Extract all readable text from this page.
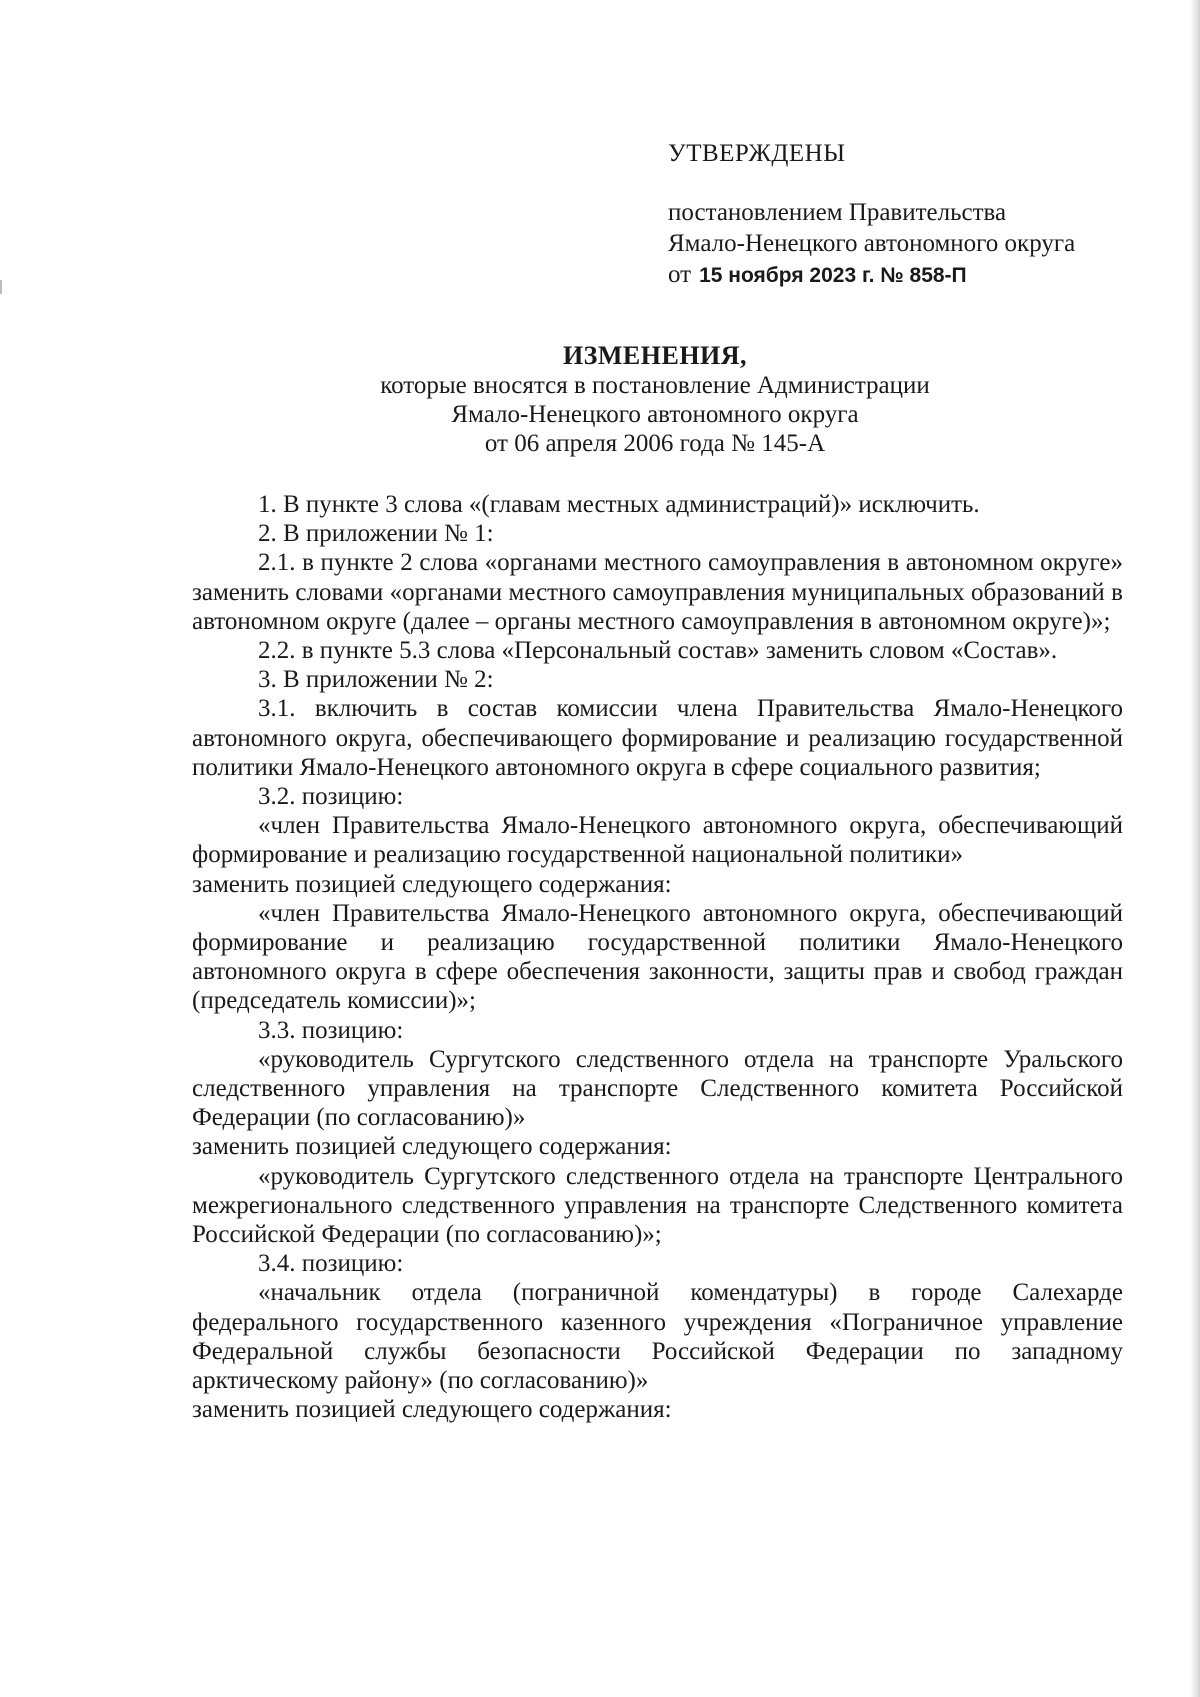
УТВЕРЖДЕНЫ
постановлением Правительства
Ямало-Ненецкого автономного округа
от 15 ноября 2023 г. № 858-П
ИЗМЕНЕНИЯ,
которые вносятся в постановление Администрации
Ямало-Ненецкого автономного округа
от 06 апреля 2006 года № 145-А

1. В пункте 3 слова «(главам местных администраций)» исключить.

2. В приложении № 1:

2.1. в пункте 2 слова «органами местного самоуправления в автономном округе» заменить словами «органами местного самоуправления муниципальных образований в автономном округе (далее – органы местного самоуправления в автономном округе)»;

2.2. в пункте 5.3 слова «Персональный состав» заменить словом «Состав».

3. В приложении № 2:

3.1. включить в состав комиссии члена Правительства Ямало-Ненецкого автономного округа, обеспечивающего формирование и реализацию государственной политики Ямало-Ненецкого автономного округа в сфере социального развития;

3.2. позицию:

«член Правительства Ямало-Ненецкого автономного округа, обеспечивающий формирование и реализацию государственной национальной политики»

заменить позицией следующего содержания:

«член Правительства Ямало-Ненецкого автономного округа, обеспечивающий формирование и реализацию государственной политики Ямало-Ненецкого автономного округа в сфере обеспечения законности, защиты прав и свобод граждан (председатель комиссии)»;

3.3. позицию:

«руководитель Сургутского следственного отдела на транспорте Уральского следственного управления на транспорте Следственного комитета Российской Федерации (по согласованию)»

заменить позицией следующего содержания:

«руководитель Сургутского следственного отдела на транспорте Центрального межрегионального следственного управления на транспорте Следственного комитета Российской Федерации (по согласованию)»;

3.4. позицию:

«начальник отдела (пограничной комендатуры) в городе Салехарде федерального государственного казенного учреждения «Пограничное управление Федеральной службы безопасности Российской Федерации по западному арктическому району» (по согласованию)»

заменить позицией следующего содержания:
